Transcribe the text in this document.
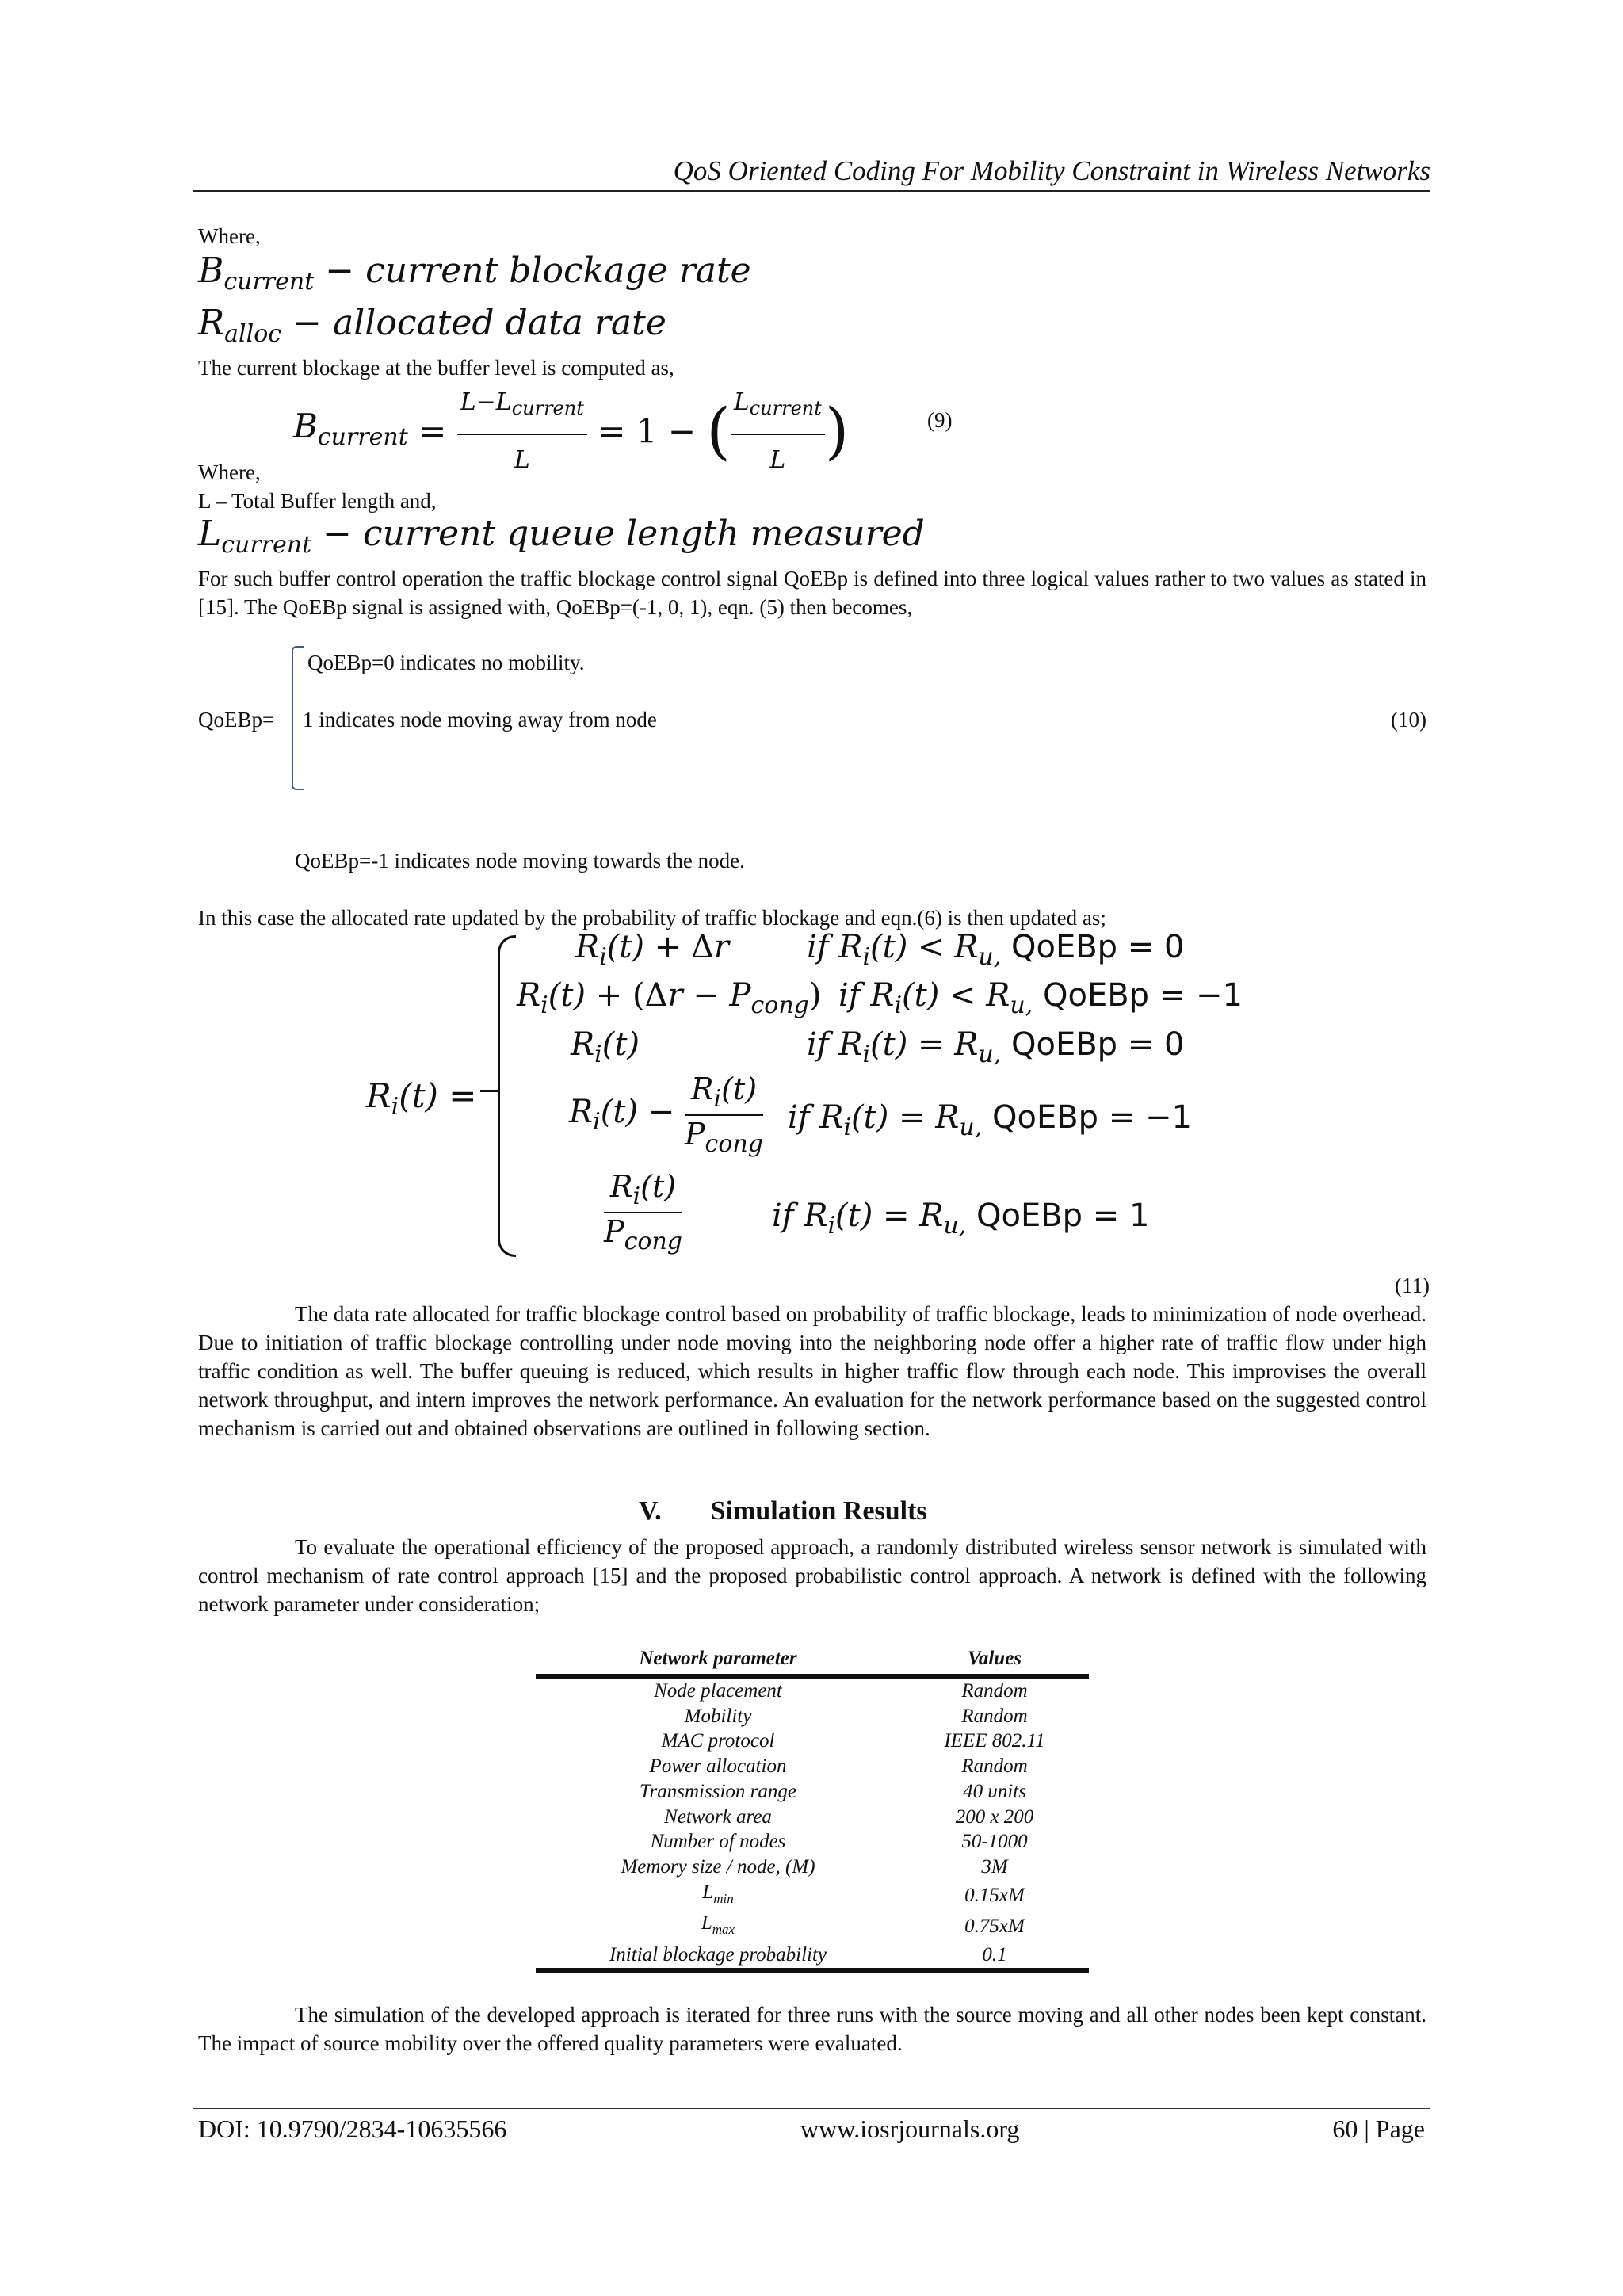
QoS Oriented Coding For Mobility Constraint in Wireless Networks
Where,
$B_{current}$ − current blockage rate
$R_{alloc}$ − allocated data rate
The current blockage at the buffer level is computed as,
$B_{current} = \frac{L-L_{current}}{L} = 1$ − ( $\frac{L_{current}}{L}$ )	(9)
Where,
L – Total Buffer length and,
$L_{current}$ − current queue length measured
For such buffer control operation the traffic blockage control signal QoEBp is defined into three logical values rather to two values as stated in [15]. The QoEBp signal is assigned with, QoEBp=(-1, 0, 1), eqn. (5) then becomes,
QoEBp=0 indicates no mobility.
QoEBp= 1 indicates node moving away from node	(10)
QoEBp=-1 indicates node moving towards the node.
In this case the allocated rate updated by the probability of traffic blockage and eqn.(6) is then updated as;
$R_i(t)$ =
$R_i(t) + \Delta r$ if $R_i(t) < R_{u,}$ QoEBp = 0
$R_i(t) + (\Delta r - P_{cong})$ if $R_i(t) < R_{u,}$ QoEBp = −1
$R_i(t)$	if $R_i(t) = R_{u,}$ QoEBp = 0
$R_i(t) - \frac{R_i(t)}{P_{cong}}$ if $R_i(t) = R_{u,}$ QoEBp = −1
$\frac{R_i(t)}{P_{cong}}$	if $R_i(t) = R_{u,}$ QoEBp = 1
(11)
The data rate allocated for traffic blockage control based on probability of traffic blockage, leads to minimization of node overhead. Due to initiation of traffic blockage controlling under node moving into the neighboring node offer a higher rate of traffic flow under high traffic condition as well. The buffer queuing is reduced, which results in higher traffic flow through each node. This improvises the overall network throughput, and intern improves the network performance. An evaluation for the network performance based on the suggested control mechanism is carried out and obtained observations are outlined in following section.
V. Simulation Results
To evaluate the operational efficiency of the proposed approach, a randomly distributed wireless sensor network is simulated with control mechanism of rate control approach [15] and the proposed probabilistic control approach. A network is defined with the following network parameter under consideration;
Network parameter	Values
Node placement	Random
Mobility	Random
MAC protocol	IEEE 802.11
Power allocation	Random
Transmission range	40 units
Network area	200 x 200
Number of nodes	50-1000
Memory size / node, (M)	3M
$L_{min}$	0.15xM
$L_{max}$	0.75xM
Initial blockage probability	0.1
The simulation of the developed approach is iterated for three runs with the source moving and all other nodes been kept constant. The impact of source mobility over the offered quality parameters were evaluated.
DOI: 10.9790/2834-10635566	www.iosrjournals.org	60 | Page
